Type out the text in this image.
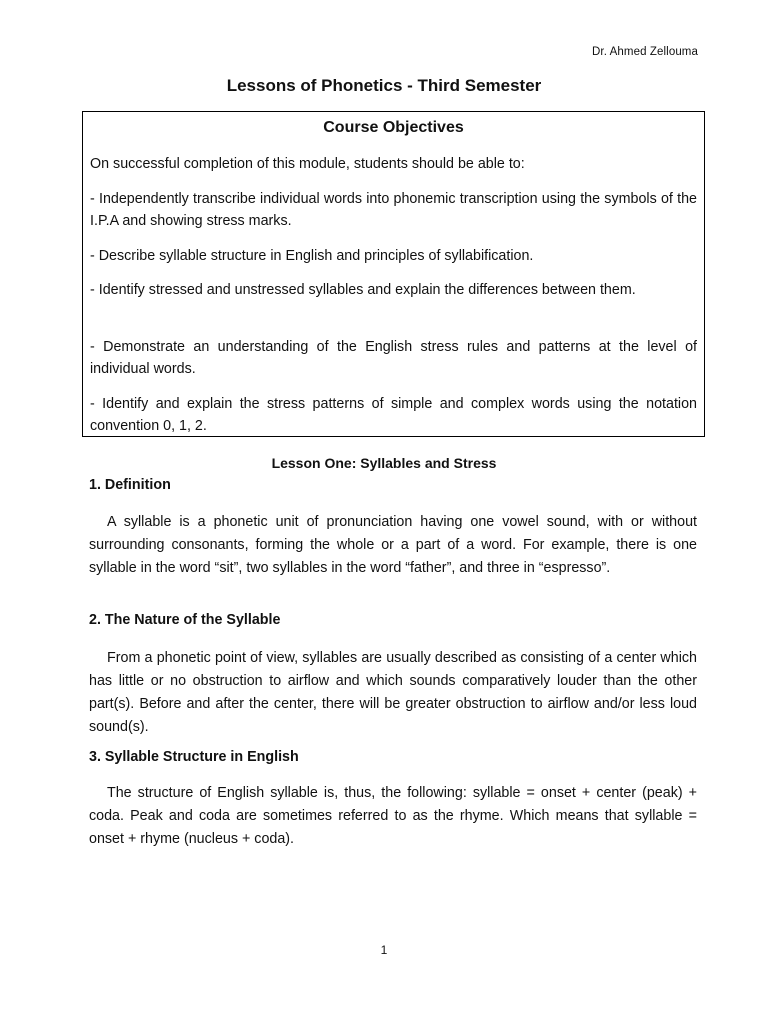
Dr. Ahmed Zellouma
Lessons of Phonetics - Third Semester
Course Objectives
On successful completion of this module, students should be able to:
- Independently transcribe individual words into phonemic transcription using the symbols of the I.P.A and showing stress marks.
- Describe syllable structure in English and principles of syllabification.
- Identify stressed and unstressed syllables and explain the differences between them.
- Demonstrate an understanding of the English stress rules and patterns at the level of individual words.
- Identify and explain the stress patterns of simple and complex words using the notation convention 0, 1, 2.
Lesson One: Syllables and Stress
1. Definition
A syllable is a phonetic unit of pronunciation having one vowel sound, with or without surrounding consonants, forming the whole or a part of a word. For example, there is one syllable in the word “sit”, two syllables in the word “father”, and three in “espresso”.
2. The Nature of the Syllable
From a phonetic point of view, syllables are usually described as consisting of a center which has little or no obstruction to airflow and which sounds comparatively louder than the other part(s). Before and after the center, there will be greater obstruction to airflow and/or less loud sound(s).
3. Syllable Structure in English
The structure of English syllable is, thus, the following: syllable = onset + center (peak) + coda. Peak and coda are sometimes referred to as the rhyme. Which means that syllable = onset + rhyme (nucleus + coda).
1
